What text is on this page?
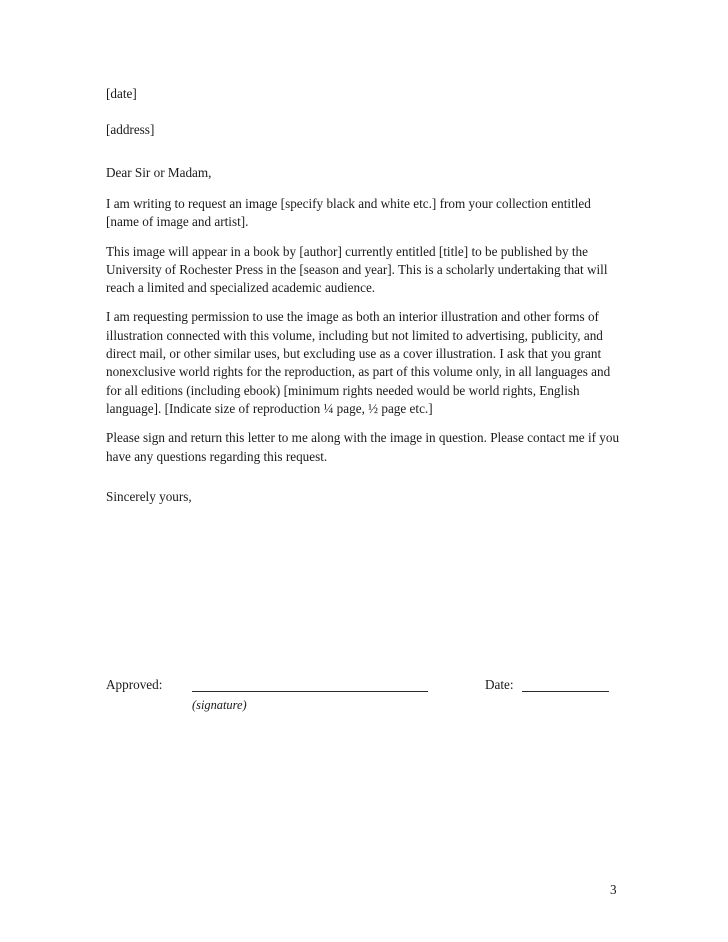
[date]

[address]

Dear Sir or Madam,

I am writing to request an image [specify black and white etc.] from your collection entitled [name of image and artist].

This image will appear in a book by [author] currently entitled [title] to be published by the University of Rochester Press in the [season and year]. This is a scholarly undertaking that will reach a limited and specialized academic audience.

I am requesting permission to use the image as both an interior illustration and other forms of illustration connected with this volume, including but not limited to advertising, publicity, and direct mail, or other similar uses, but excluding use as a cover illustration. I ask that you grant nonexclusive world rights for the reproduction, as part of this volume only, in all languages and for all editions (including ebook) [minimum rights needed would be world rights, English language]. [Indicate size of reproduction ¼ page, ½ page etc.]

Please sign and return this letter to me along with the image in question. Please contact me if you have any questions regarding this request.

Sincerely yours,

Approved:	Date:
(signature)
3
